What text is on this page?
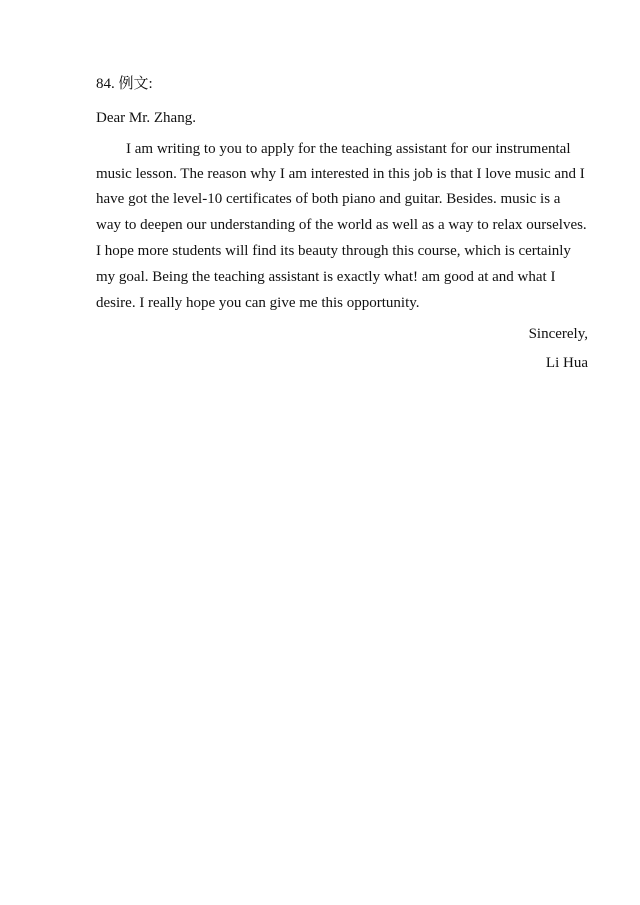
84. 例文:
Dear Mr. Zhang.
I am writing to you to apply for the teaching assistant for our instrumental
music lesson. The reason why I am interested in this job is that I love music and I
have got the level-10 certificates of both piano and guitar. Besides. music is a
way to deepen our understanding of the world as well as a way to relax ourselves.
I hope more students will find its beauty through this course, which is certainly
my goal. Being the teaching assistant is exactly what! am good at and what I
desire. I really hope you can give me this opportunity.
Sincerely,
Li Hua
